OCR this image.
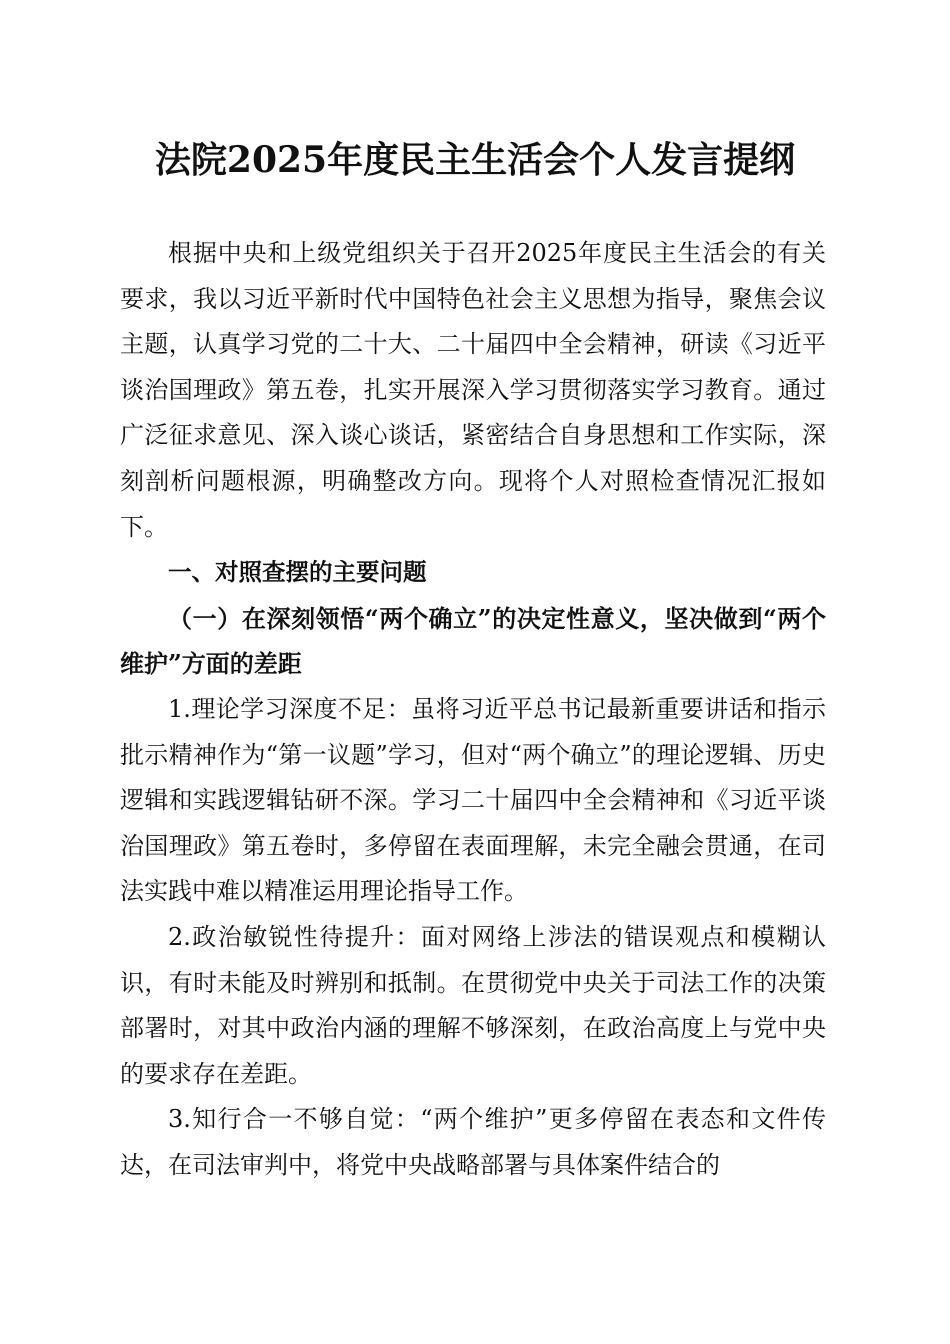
法院2025年度民主生活会个人发言提纲

根据中央和上级党组织关于召开2025年度民主生活会的有关要求，我以习近平新时代中国特色社会主义思想为指导，聚焦会议主题，认真学习党的二十大、二十届四中全会精神，研读《习近平谈治国理政》第五卷，扎实开展深入学习贯彻落实学习教育。通过广泛征求意见、深入谈心谈话，紧密结合自身思想和工作实际，深刻剖析问题根源，明确整改方向。现将个人对照检查情况汇报如下。

一、对照查摆的主要问题

（一）在深刻领悟“两个确立”的决定性意义，坚决做到“两个维护”方面的差距

1.理论学习深度不足：虽将习近平总书记最新重要讲话和指示批示精神作为“第一议题”学习，但对“两个确立”的理论逻辑、历史逻辑和实践逻辑钻研不深。学习二十届四中全会精神和《习近平谈治国理政》第五卷时，多停留在表面理解，未完全融会贯通，在司法实践中难以精准运用理论指导工作。

2.政治敏锐性待提升：面对网络上涉法的错误观点和模糊认识，有时未能及时辨别和抵制。在贯彻党中央关于司法工作的决策部署时，对其中政治内涵的理解不够深刻，在政治高度上与党中央的要求存在差距。

3.知行合一不够自觉：“两个维护”更多停留在表态和文件传达，在司法审判中，将党中央战略部署与具体案件结合的
